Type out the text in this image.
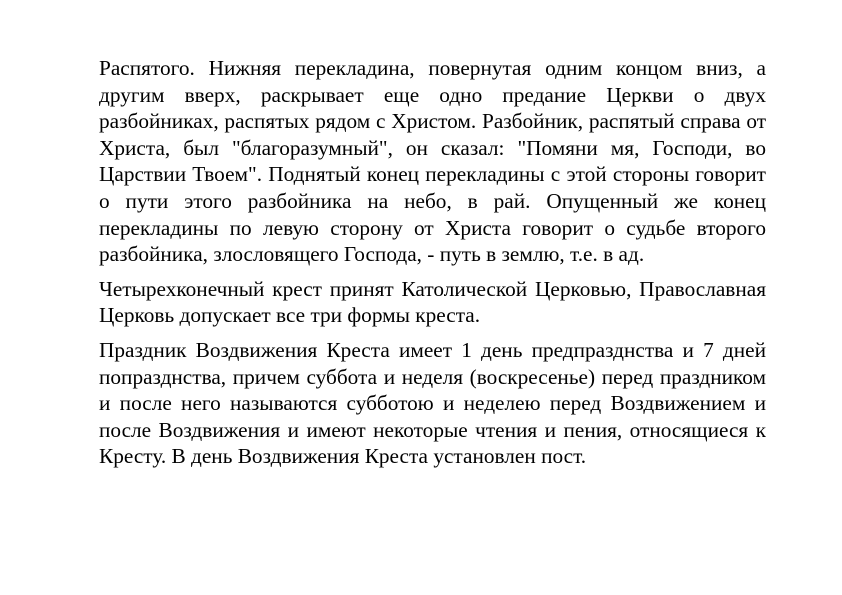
Распятого. Нижняя перекладина, повернутая одним концом вниз, а другим вверх, раскрывает еще одно предание Церкви о двух разбойниках, распятых рядом с Христом. Разбойник, распятый справа от Христа, был "благоразумный", он сказал: "Помяни мя, Господи, во Царствии Твоем". Поднятый конец перекладины с этой стороны говорит о пути этого разбойника на небо, в рай. Опущенный же конец перекладины по левую сторону от Христа говорит о судьбе второго разбойника, злословящего Господа, - путь в землю, т.е. в ад.

Четырехконечный крест принят Католической Церковью, Православная Церковь допускает все три формы креста.

Праздник Воздвижения Креста имеет 1 день предпразднства и 7 дней попразднства, причем суббота и неделя (воскресенье) перед праздником и после него называются субботою и неделею перед Воздвижением и после Воздвижения и имеют некоторые чтения и пения, относящиеся к Кресту. В день Воздвижения Креста установлен пост.
